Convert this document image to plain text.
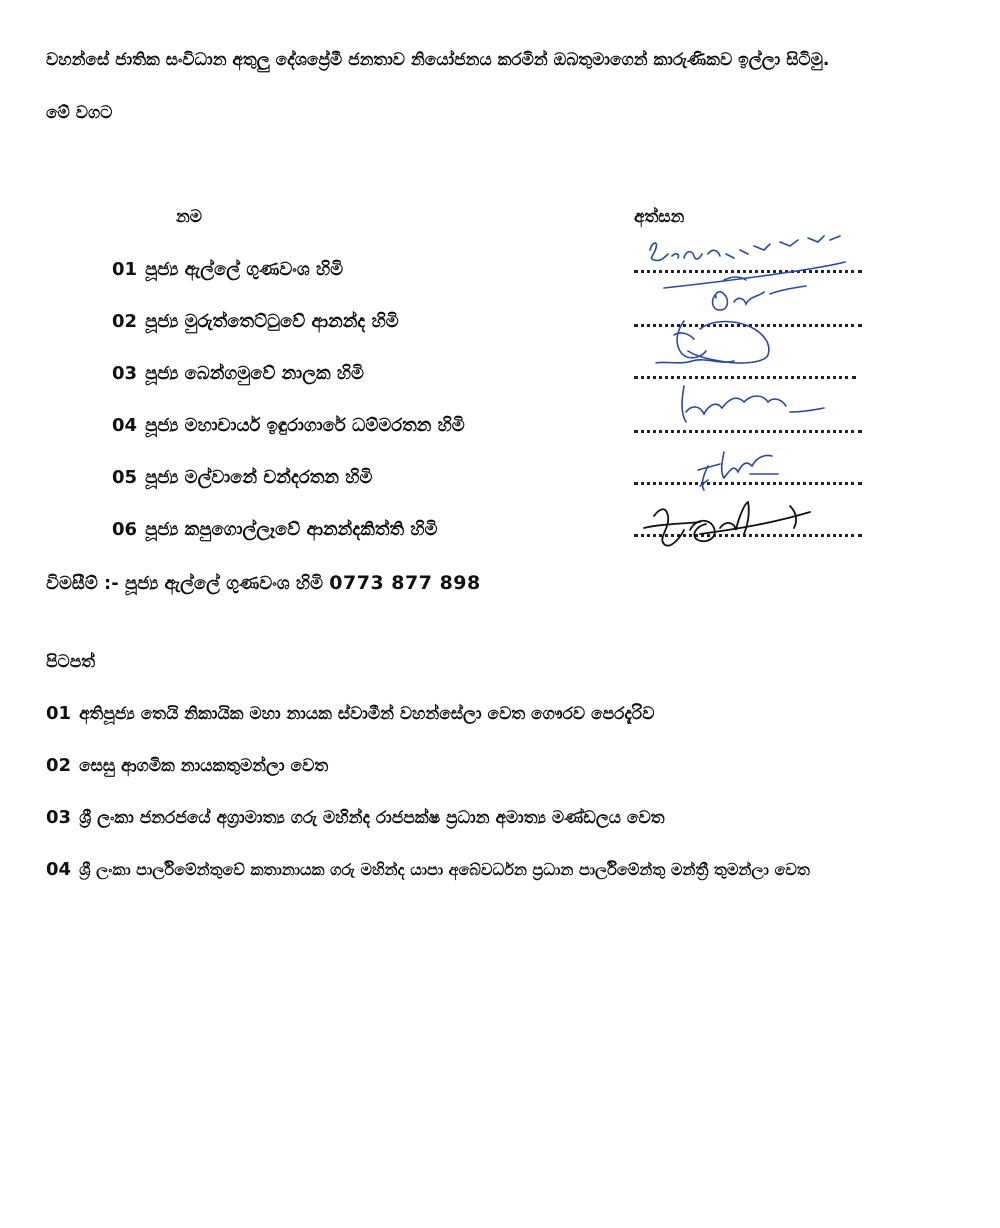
වහන්සේ ජාතික සංවිධාන අතුලු දේශප්‍රේමී ජනතාව නියෝජනය කරමින් ඔබතුමාගෙන් කාරුණිකව ඉල්ලා සිටිමු.
මේ වගට
නම	අත්සන
01 පූජ්‍ය ඇල්ලේ ගුණවංශ හිමි
02 පූජ්‍ය මුරුත්තෙට්ටුවේ ආනන්ද හිමි
03 පූජ්‍ය බෙන්ගමුවේ නාලක හිමි
04 පූජ්‍ය මහාචාර්ය ඉඳුරාගාරේ ධම්මරතන හිමි
05 පූජ්‍ය මල්වානේ චන්දරතන හිමි
06 පූජ්‍ය කපුගොල්ලෑවේ ආනන්දකිත්ති හිමි
විමසීම් :- පූජ්‍ය ඇල්ලේ ගුණවංශ හිමි 0773 877 898
පිටපත්
01 අතිපූජ්‍ය තෙයි නිකායික මහා නායක ස්වාමීන් වහන්සේලා වෙත ගෞරව පෙරදැරිව
02 සෙසු ආගමික නායකතුමන්ලා වෙත
03 ශ්‍රී ලංකා ජනරජයේ අග්‍රාමාත්‍ය ගරු මහින්ද රාජපක්ෂ ප්‍රධාන අමාත්‍ය මණ්ඩලය වෙත
04 ශ්‍රී ලංකා පාර්ලිමේන්තුවේ කතානායක ගරු මහින්ද යාපා අබේවර්ධන ප්‍රධාන පාර්ලිමේන්තු මන්ත්‍රී තුමන්ලා වෙත
